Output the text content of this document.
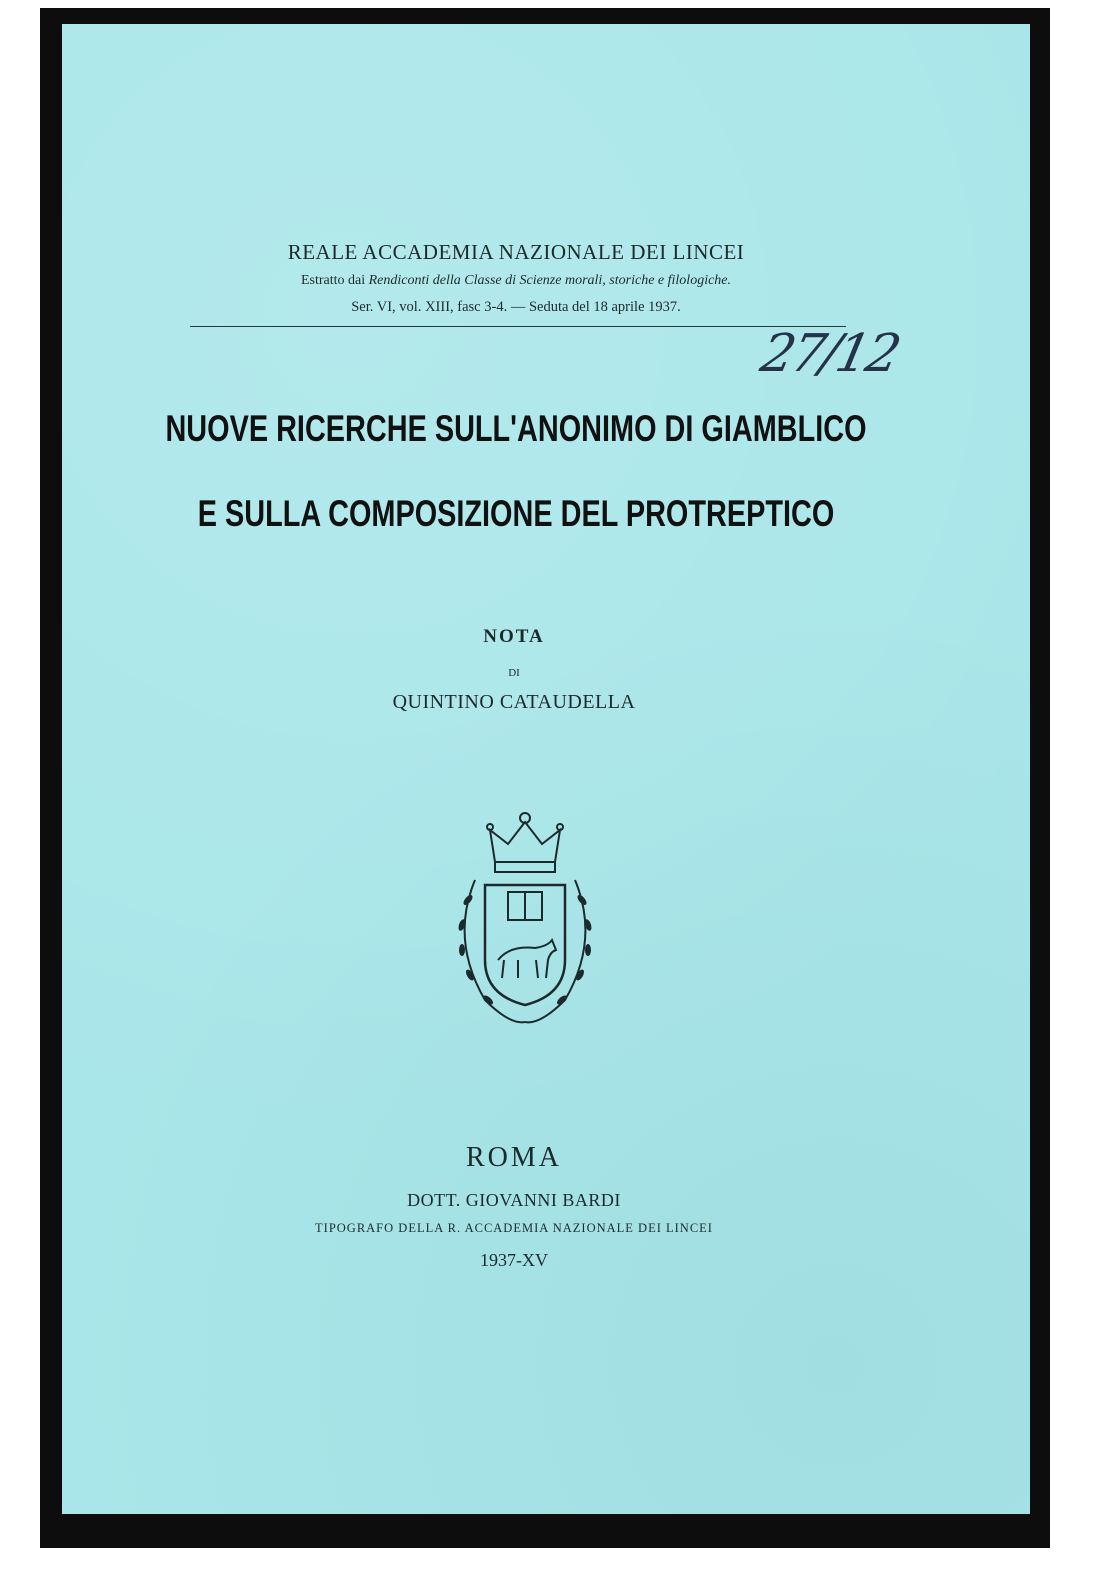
REALE ACCADEMIA NAZIONALE DEI LINCEI
Estratto dai Rendiconti della Classe di Scienze morali, storiche e filologiche.
Ser. VI, vol. XIII, fasc 3-4. — Seduta del 18 aprile 1937.
27/12
NUOVE RICERCHE SULL'ANONIMO DI GIAMBLICO
E SULLA COMPOSIZIONE DEL PROTREPTICO
NOTA
DI
QUINTINO CATAUDELLA
ROMA
DOTT. GIOVANNI BARDI
TIPOGRAFO DELLA R. ACCADEMIA NAZIONALE DEI LINCEI
1937-XV
